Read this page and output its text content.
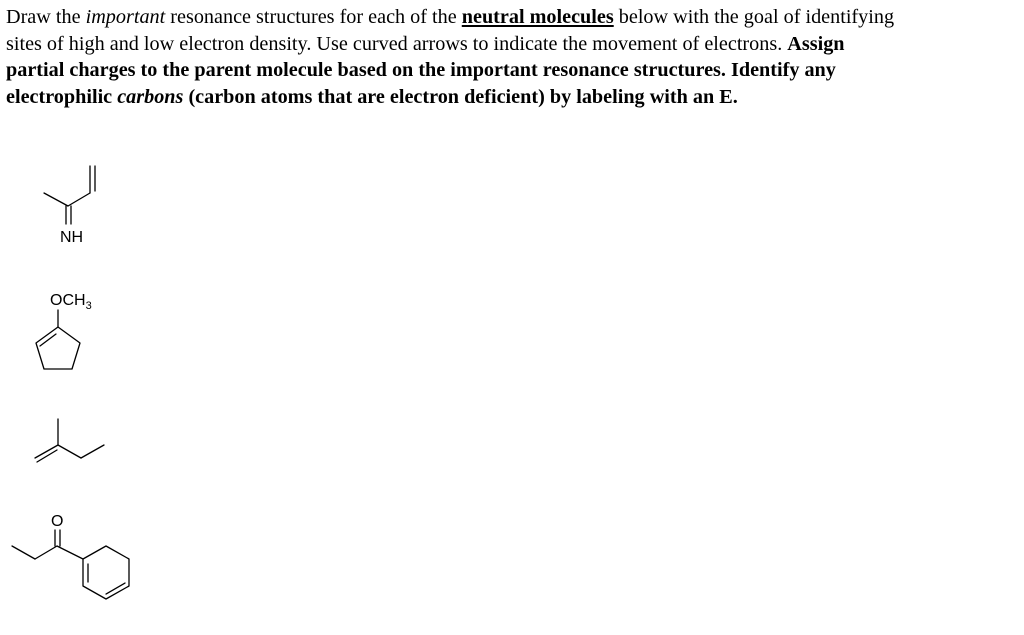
Draw the important resonance structures for each of the neutral molecules below with the goal of identifying
sites of high and low electron density. Use curved arrows to indicate the movement of electrons. Assign
partial charges to the parent molecule based on the important resonance structures. Identify any
electrophilic carbons (carbon atoms that are electron deficient) by labeling with an E.
NH
$OCH_3$
O
